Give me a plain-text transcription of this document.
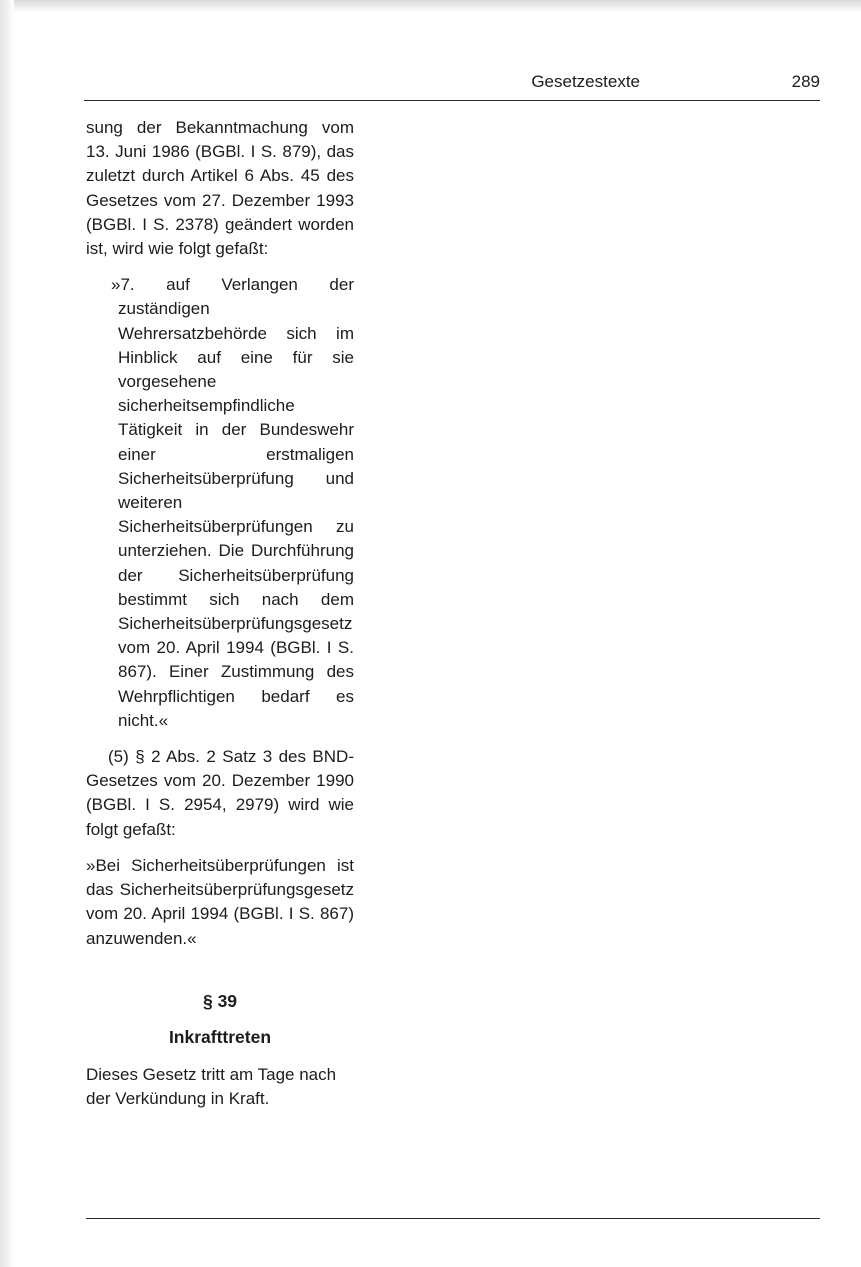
Gesetzestexte	289

sung der Bekanntmachung vom 13. Juni 1986 (BGBl. I S. 879), das zuletzt durch Artikel 6 Abs. 45 des Gesetzes vom 27. Dezember 1993 (BGBl. I S. 2378) geändert worden ist, wird wie folgt gefaßt:

»7. auf Verlangen der zuständigen Wehrersatzbehörde sich im Hinblick auf eine für sie vorgesehene sicherheitsempfindliche Tätigkeit in der Bundeswehr einer erstmaligen Sicherheitsüberprüfung und weiteren Sicherheitsüberprüfungen zu unterziehen. Die Durchführung der Sicherheitsüberprüfung bestimmt sich nach dem Sicherheitsüberprüfungsgesetz vom 20. April 1994 (BGBl. I S. 867). Einer Zustimmung des Wehrpflichtigen bedarf es nicht.«

(5) § 2 Abs. 2 Satz 3 des BND-Gesetzes vom 20. Dezember 1990 (BGBl. I S. 2954, 2979) wird wie folgt gefaßt:

»Bei Sicherheitsüberprüfungen ist das Sicherheitsüberprüfungsgesetz vom 20. April 1994 (BGBl. I S. 867) anzuwenden.«

§ 39
Inkrafttreten

Dieses Gesetz tritt am Tage nach der Verkündung in Kraft.
